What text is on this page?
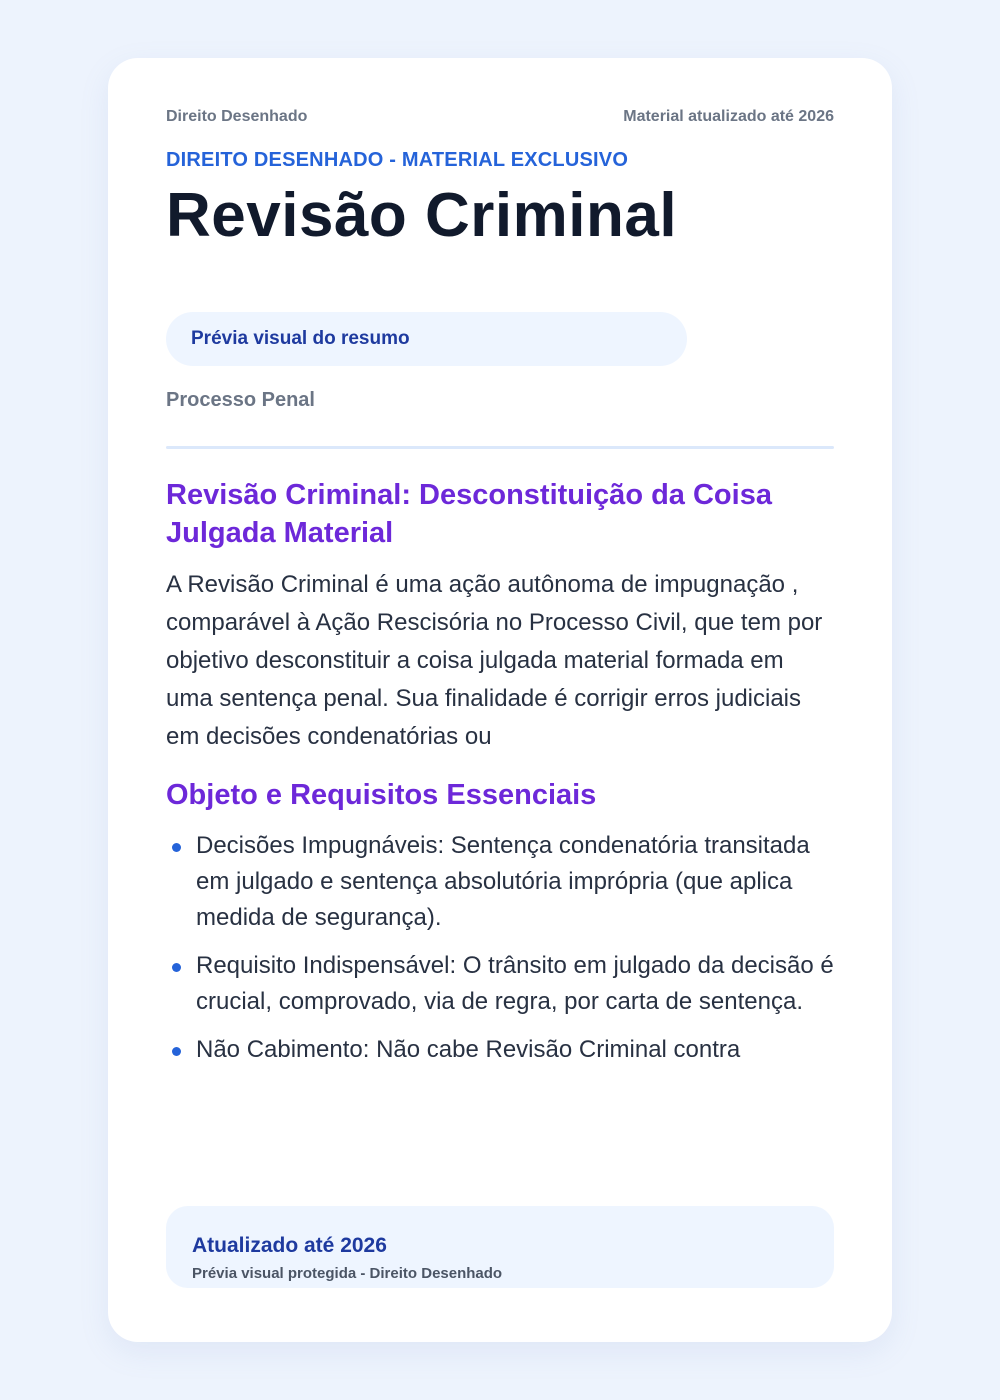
Direito Desenhado	Material atualizado até 2026
DIREITO DESENHADO - MATERIAL EXCLUSIVO
Revisão Criminal
Prévia visual do resumo
Processo Penal
Revisão Criminal: Desconstituição da Coisa Julgada Material

A Revisão Criminal é uma ação autônoma de impugnação , comparável à Ação Rescisória no Processo Civil, que tem por objetivo desconstituir a coisa julgada material formada em uma sentença penal. Sua finalidade é corrigir erros judiciais em decisões condenatórias ou

Objeto e Requisitos Essenciais
Decisões Impugnáveis: Sentença condenatória transitada em julgado e sentença absolutória imprópria (que aplica medida de segurança).
Requisito Indispensável: O trânsito em julgado da decisão é crucial, comprovado, via de regra, por carta de sentença.
Não Cabimento: Não cabe Revisão Criminal contra
Atualizado até 2026
Prévia visual protegida - Direito Desenhado
